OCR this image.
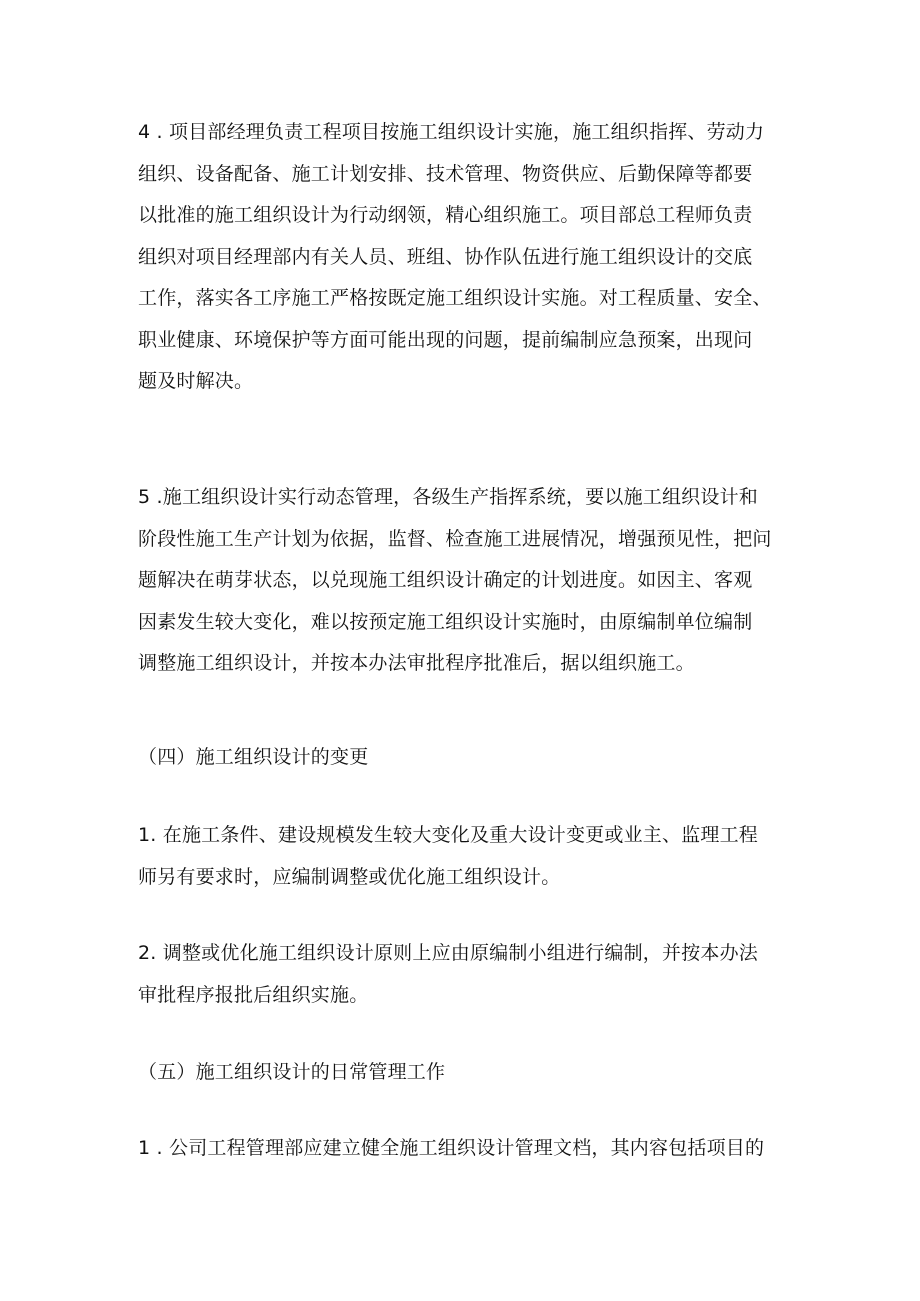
4 . 项目部经理负责工程项目按施工组织设计实施，施工组织指挥、劳动力
组织、设备配备、施工计划安排、技术管理、物资供应、后勤保障等都要
以批准的施工组织设计为行动纲领，精心组织施工。项目部总工程师负责
组织对项目经理部内有关人员、班组、协作队伍进行施工组织设计的交底
工作，落实各工序施工严格按既定施工组织设计实施。对工程质量、安全、
职业健康、环境保护等方面可能出现的问题，提前编制应急预案，出现问
题及时解决。

5 .施工组织设计实行动态管理，各级生产指挥系统，要以施工组织设计和
阶段性施工生产计划为依据，监督、检查施工进展情况，增强预见性，把问
题解决在萌芽状态，以兑现施工组织设计确定的计划进度。如因主、客观
因素发生较大变化，难以按预定施工组织设计实施时，由原编制单位编制
调整施工组织设计，并按本办法审批程序批准后，据以组织施工。

（四）施工组织设计的变更

1. 在施工条件、建设规模发生较大变化及重大设计变更或业主、监理工程
师另有要求时，应编制调整或优化施工组织设计。

2. 调整或优化施工组织设计原则上应由原编制小组进行编制，并按本办法
审批程序报批后组织实施。

（五）施工组织设计的日常管理工作

1 . 公司工程管理部应建立健全施工组织设计管理文档，其内容包括项目的
